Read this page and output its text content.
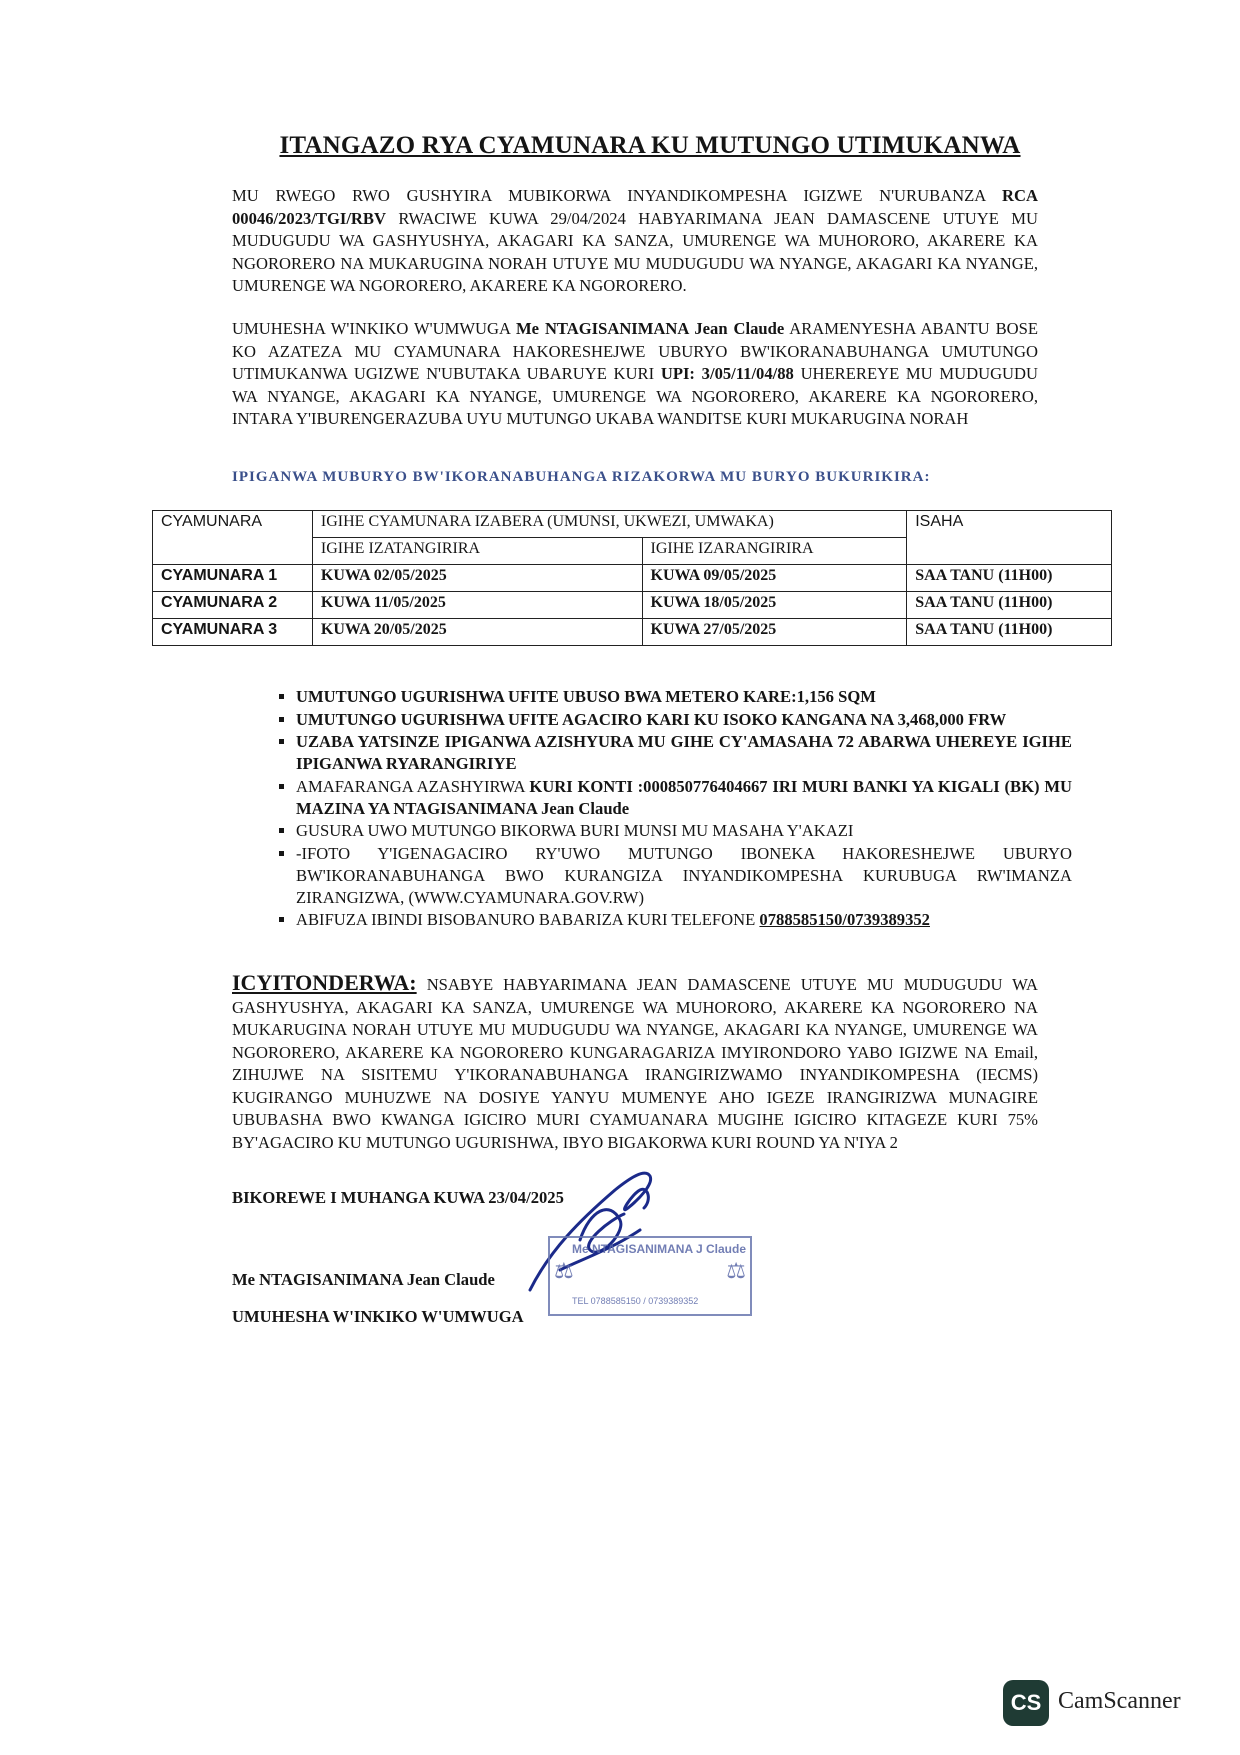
ITANGAZO RYA CYAMUNARA KU MUTUNGO UTIMUKANWA
MU RWEGO RWO GUSHYIRA MUBIKORWA INYANDIKOMPESHA IGIZWE N'URUBANZA RCA 00046/2023/TGI/RBV RWACIWE KUWA 29/04/2024 HABYARIMANA JEAN DAMASCENE UTUYE MU MUDUGUDU WA GASHYUSHYA, AKAGARI KA SANZA, UMURENGE WA MUHORORO, AKARERE KA NGORORERO NA MUKARUGINA NORAH UTUYE MU MUDUGUDU WA NYANGE, AKAGARI KA NYANGE, UMURENGE WA NGORORERO, AKARERE KA NGORORERO.
UMUHESHA W'INKIKO W'UMWUGA Me NTAGISANIMANA Jean Claude ARAMENYESHA ABANTU BOSE KO AZATEZA MU CYAMUNARA HAKORESHEJWE UBURYO BW'IKORANABUHANGA UMUTUNGO UTIMUKANWA UGIZWE N'UBUTAKA UBARUYE KURI UPI: 3/05/11/04/88 UHEREREYE MU MUDUGUDU WA NYANGE, AKAGARI KA NYANGE, UMURENGE WA NGORORERO, AKARERE KA NGORORERO, INTARA Y'IBURENGERAZUBA UYU MUTUNGO UKABA WANDITSE KURI MUKARUGINA NORAH
IPIGANWA MUBURYO BW'IKORANABUHANGA RIZAKORWA MU BURYO BUKURIKIRA:
CYAMUNARA	IGIHE CYAMUNARA IZABERA (UMUNSI, UKWEZI, UMWAKA)		ISAHA
	IGIHE IZATANGIRIRA	IGIHE IZARANGIRIRA	
CYAMUNARA 1	KUWA 02/05/2025	KUWA 09/05/2025	SAA TANU (11H00)
CYAMUNARA 2	KUWA 11/05/2025	KUWA 18/05/2025	SAA TANU (11H00)
CYAMUNARA 3	KUWA 20/05/2025	KUWA 27/05/2025	SAA TANU (11H00)
▪ UMUTUNGO UGURISHWA UFITE UBUSO BWA METERO KARE:1,156 SQM
▪ UMUTUNGO UGURISHWA UFITE AGACIRO KARI KU ISOKO KANGANA NA 3,468,000 FRW
▪ UZABA YATSINZE IPIGANWA AZISHYURA MU GIHE CY'AMASAHA 72 ABARWA UHEREYE IGIHE IPIGANWA RYARANGIRIYE
▪ AMAFARANGA AZASHYIRWA KURI KONTI :000850776404667 IRI MURI BANKI YA KIGALI (BK) MU MAZINA YA NTAGISANIMANA Jean Claude
▪ GUSURA UWO MUTUNGO BIKORWA BURI MUNSI MU MASAHA Y'AKAZI
▪ -IFOTO Y'IGENAGACIRO RY'UWO MUTUNGO IBONEKA HAKORESHEJWE UBURYO BW'IKORANABUHANGA BWO KURANGIZA INYANDIKOMPESHA KURUBUGA RW'IMANZA ZIRANGIZWA, (WWW.CYAMUNARA.GOV.RW)
▪ ABIFUZA IBINDI BISOBANURO BABARIZA KURI TELEFONE 0788585150/0739389352
ICYITONDERWA: NSABYE HABYARIMANA JEAN DAMASCENE UTUYE MU MUDUGUDU WA GASHYUSHYA, AKAGARI KA SANZA, UMURENGE WA MUHORORO, AKARERE KA NGORORERO NA MUKARUGINA NORAH UTUYE MU MUDUGUDU WA NYANGE, AKAGARI KA NYANGE, UMURENGE WA NGORORERO, AKARERE KA NGORORERO KUNGARAGARIZA IMYIRONDORO YABO IGIZWE NA Email, ZIHUJWE NA SISITEMU Y'IKORANABUHANGA IRANGIRIZWAMO INYANDIKOMPESHA (IECMS) KUGIRANGO MUHUZWE NA DOSIYE YANYU MUMENYE AHO IGEZE IRANGIRIZWA MUNAGIRE UBUBASHA BWO KWANGA IGICIRO MURI CYAMUANARA MUGIHE IGICIRO KITAGEZE KURI 75% BY'AGACIRO KU MUTUNGO UGURISHWA, IBYO BIGAKORWA KURI ROUND YA N'IYA 2
BIKOREWE I MUHANGA KUWA 23/04/2025
⚖	⚖
Me NTAGISANIMANA J Claude
TEL 0788585150 / 0739389352
Me NTAGISANIMANA Jean Claude
UMUHESHA W'INKIKO W'UMWUGA
CS CamScanner
